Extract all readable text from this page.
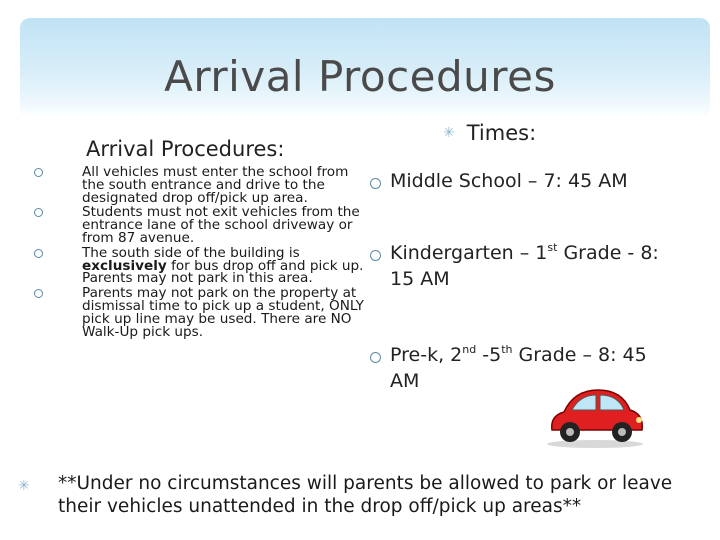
Arrival Procedures
Arrival Procedures:
All vehicles must enter the school from the south entrance and drive to the designated drop off/pick up area.
Students must not exit vehicles from the entrance lane of the school driveway or from 87 avenue.
The south side of the building is exclusively for bus drop off and pick up. Parents may not park in this area.
Parents may not park on the property at dismissal time to pick up a student, ONLY pick up line may be used. There are NO Walk-Up pick ups.
✳ Times:
Middle School – 7: 45 AM
Kindergarten – 1st Grade - 8: 15 AM
Pre-k, 2nd -5th Grade – 8: 45 AM
✳ **Under no circumstances will parents be allowed to park or leave their vehicles unattended in the drop off/pick up areas**
